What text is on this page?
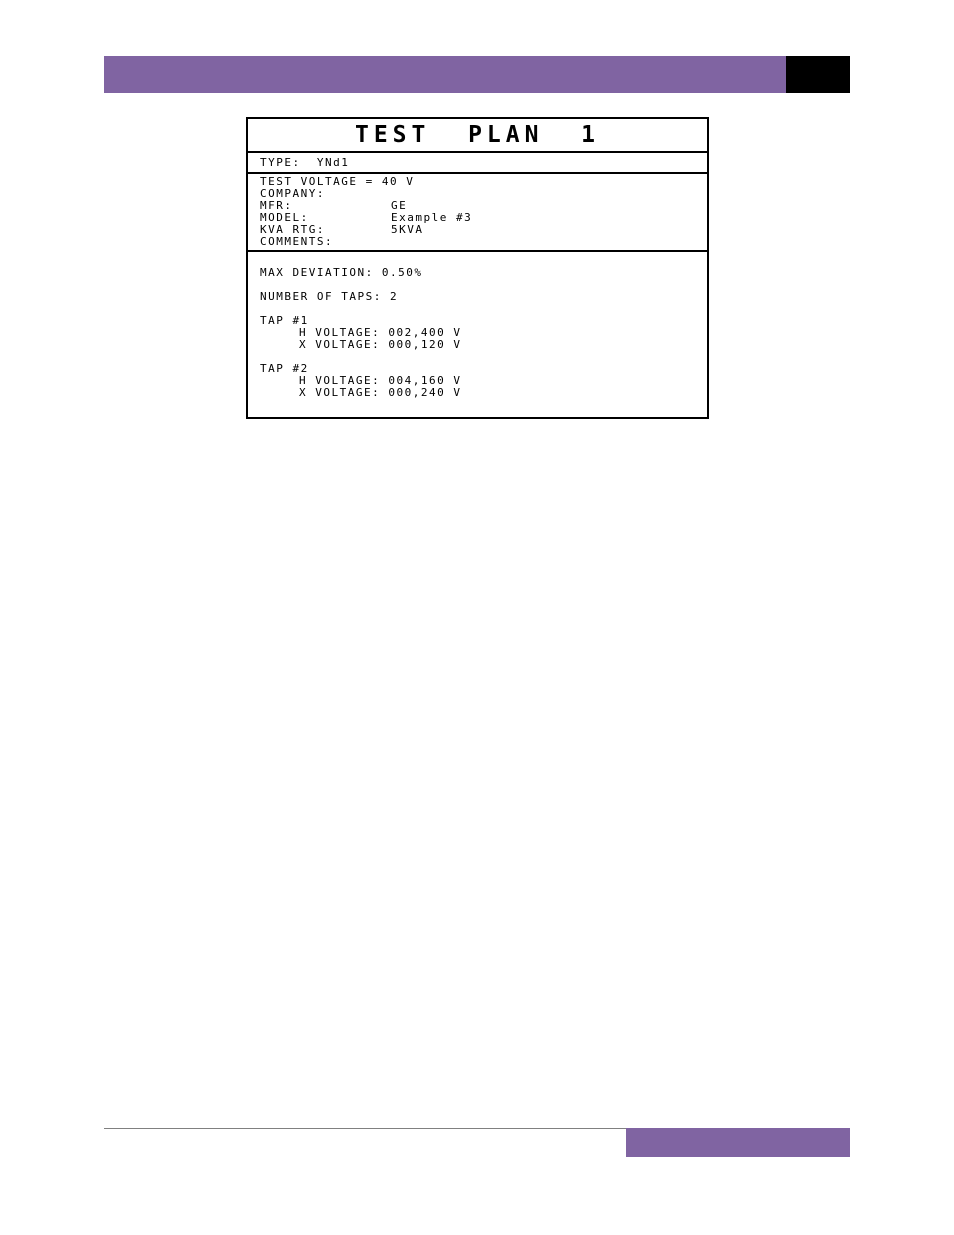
TEST  PLAN  1
TYPE:  YNd1
TEST VOLTAGE = 40 V
COMPANY:
MFR:	GE
MODEL:	Example #3
KVA RTG:	5KVA
COMMENTS:
MAX DEVIATION: 0.50%
NUMBER OF TAPS: 2
TAP #1
H VOLTAGE: 002,400 V
X VOLTAGE: 000,120 V
TAP #2
H VOLTAGE: 004,160 V
X VOLTAGE: 000,240 V
